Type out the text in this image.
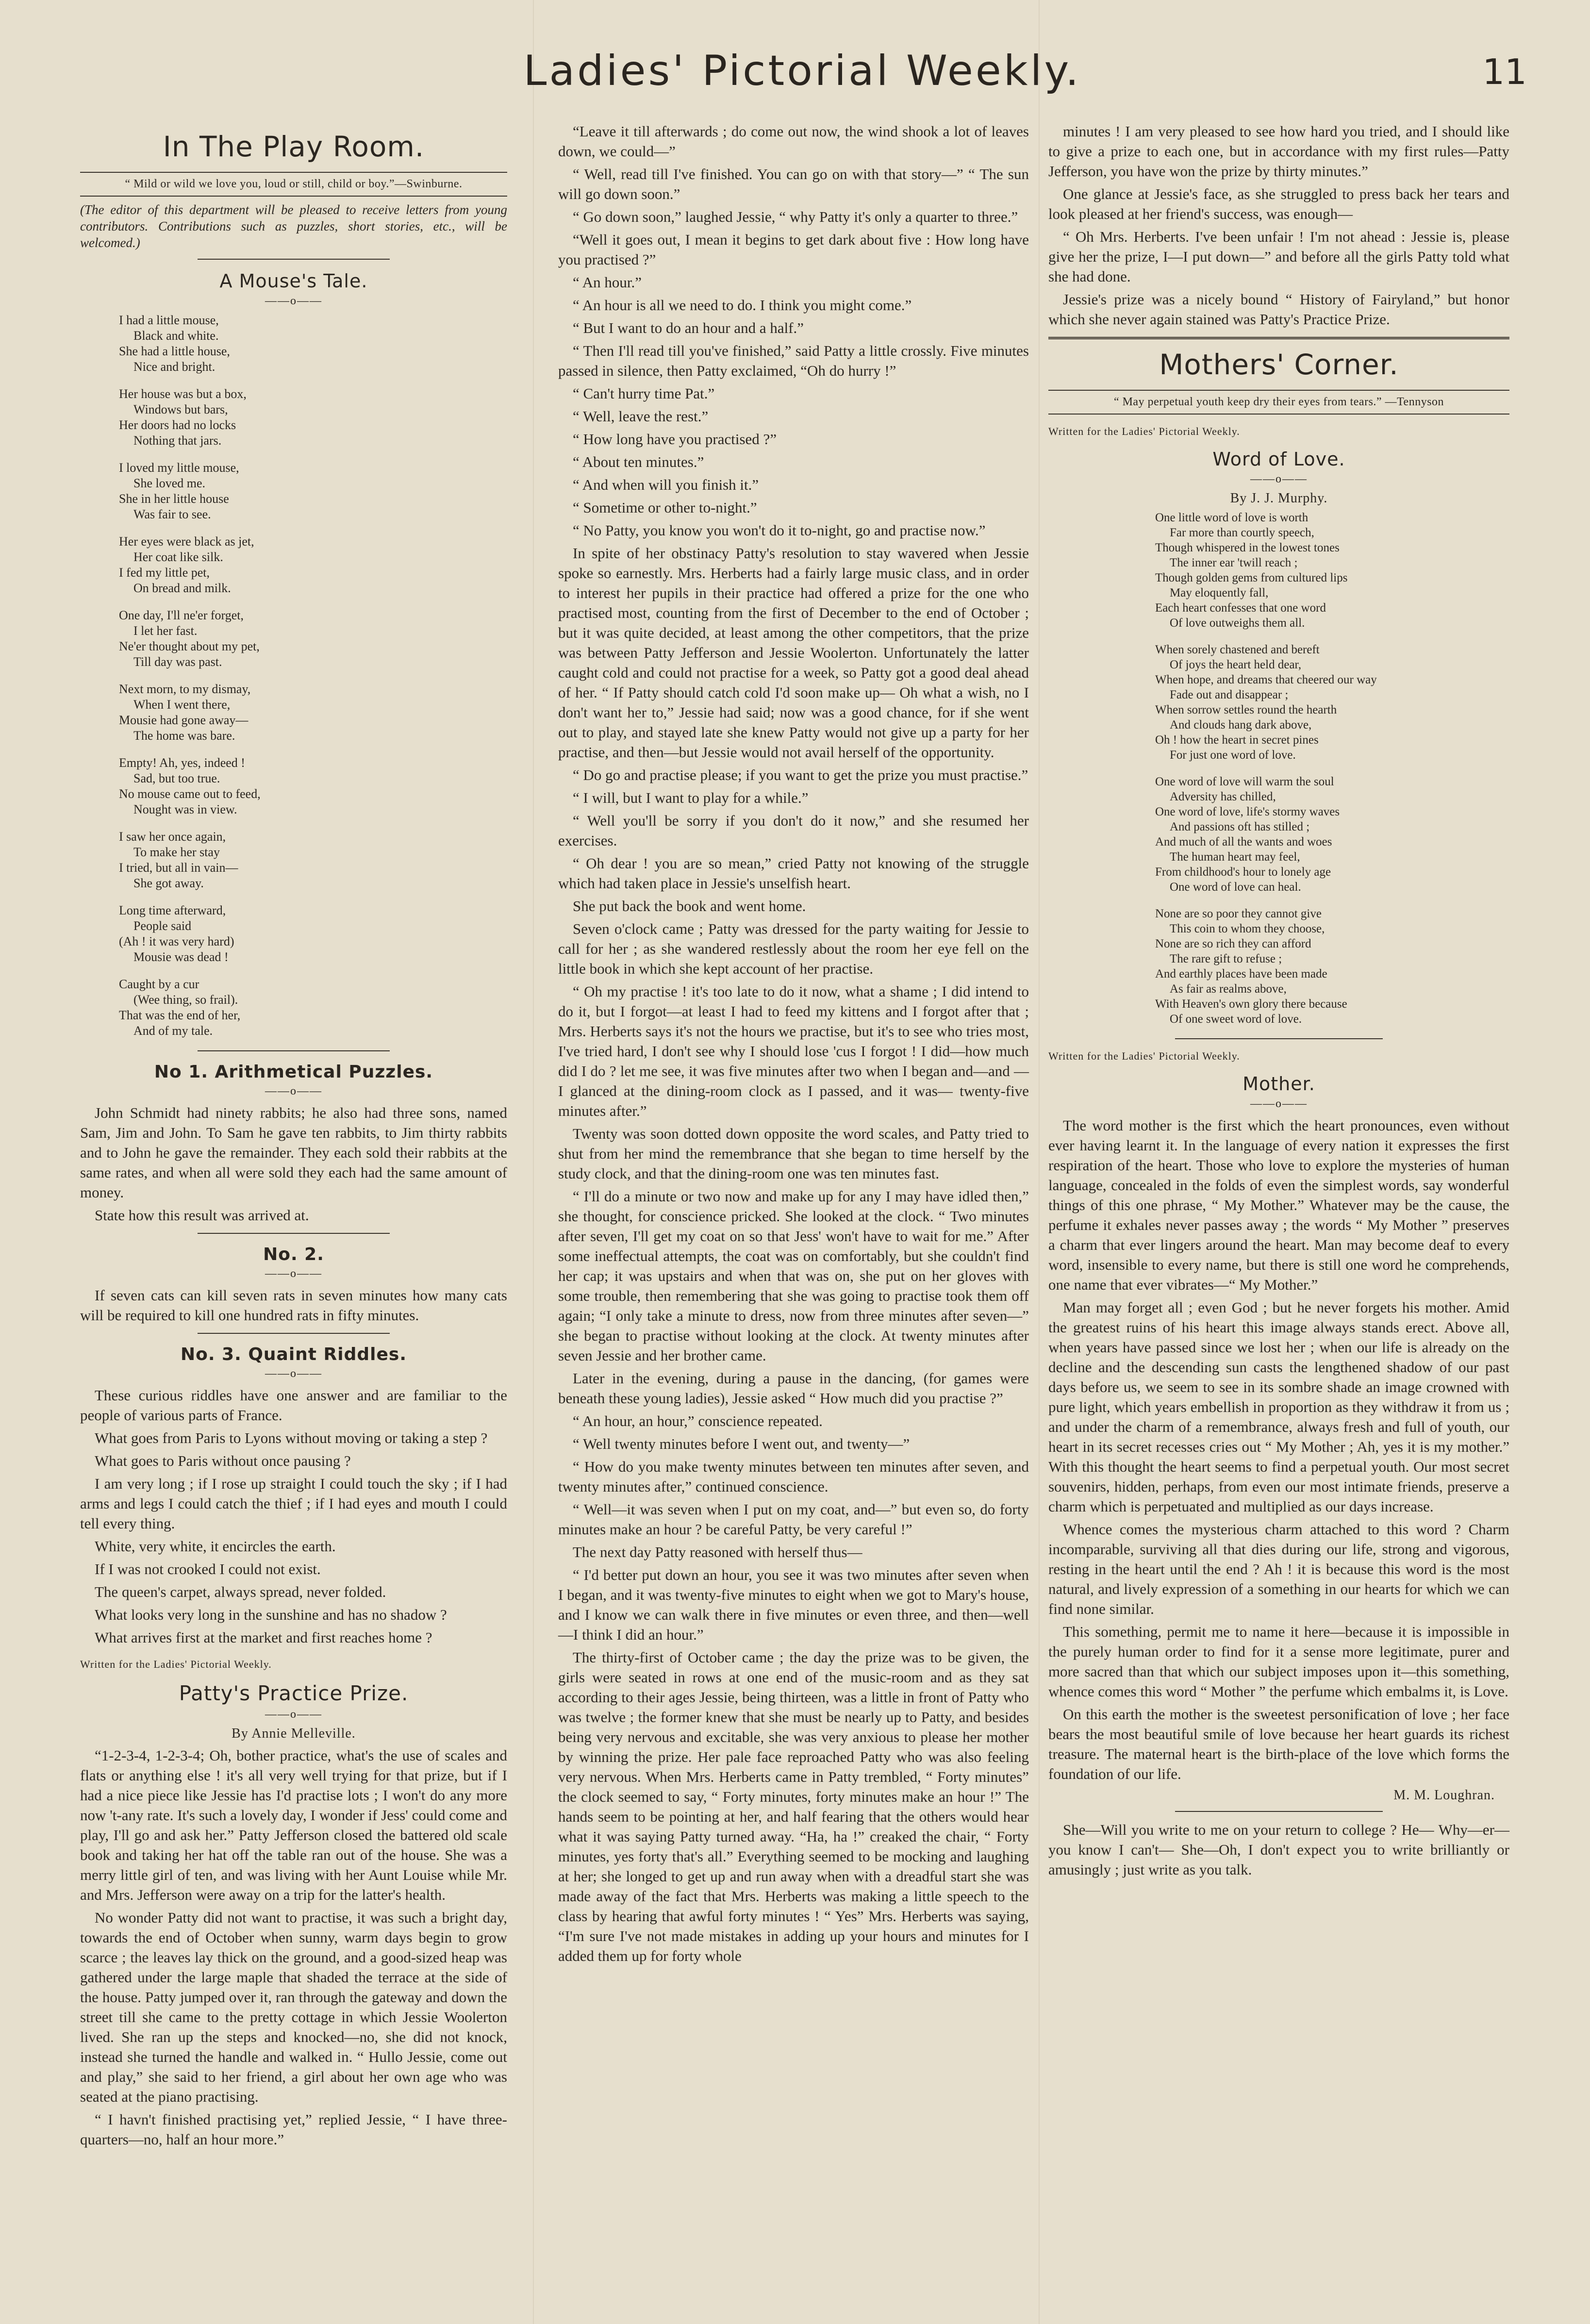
Ladies' Pictorial Weekly.	11
In The Play Room.
“ Mild or wild we love you, loud or still, child or boy.”—Swinburne.

(The editor of this department will be pleased to receive letters from young contributors. Contributions such as puzzles, short stories, etc., will be welcomed.)

A Mouse's Tale.
——o——
I had a little mouse,
Black and white.
She had a little house,
Nice and bright.
Her house was but a box,
Windows but bars,
Her doors had no locks
Nothing that jars.
I loved my little mouse,
She loved me.
She in her little house
Was fair to see.
Her eyes were black as jet,
Her coat like silk.
I fed my little pet,
On bread and milk.
One day, I'll ne'er forget,
I let her fast.
Ne'er thought about my pet,
Till day was past.
Next morn, to my dismay,
When I went there,
Mousie had gone away—
The home was bare.
Empty! Ah, yes, indeed !
Sad, but too true.
No mouse came out to feed,
Nought was in view.
I saw her once again,
To make her stay
I tried, but all in vain—
She got away.
Long time afterward,
People said
(Ah ! it was very hard)
Mousie was dead !
Caught by a cur
(Wee thing, so frail).
That was the end of her,
And of my tale.
No 1. Arithmetical Puzzles.
——o——

John Schmidt had ninety rabbits; he also had three sons, named Sam, Jim and John. To Sam he gave ten rabbits, to Jim thirty rabbits and to John he gave the remainder. They each sold their rabbits at the same rates, and when all were sold they each had the same amount of money.

State how this result was arrived at.

No. 2.
——o——

If seven cats can kill seven rats in seven minutes how many cats will be required to kill one hundred rats in fifty minutes.

No. 3. Quaint Riddles.
——o——

These curious riddles have one answer and are familiar to the people of various parts of France.

What goes from Paris to Lyons without moving or taking a step ?

What goes to Paris without once pausing ?

I am very long ; if I rose up straight I could touch the sky ; if I had arms and legs I could catch the thief ; if I had eyes and mouth I could tell every thing.

White, very white, it encircles the earth.

If I was not crooked I could not exist.

The queen's carpet, always spread, never folded.

What looks very long in the sunshine and has no shadow ?

What arrives first at the market and first reaches home ?

Written for the Ladies' Pictorial Weekly.
Patty's Practice Prize.
——o——
By Annie Melleville.

“1-2-3-4, 1-2-3-4; Oh, bother practice, what's the use of scales and flats or anything else ! it's all very well trying for that prize, but if I had a nice piece like Jessie has I'd practise lots ; I won't do any more now 't-any rate. It's such a lovely day, I wonder if Jess' could come and play, I'll go and ask her.” Patty Jefferson closed the battered old scale book and taking her hat off the table ran out of the house. She was a merry little girl of ten, and was living with her Aunt Louise while Mr. and Mrs. Jefferson were away on a trip for the latter's health.

No wonder Patty did not want to practise, it was such a bright day, towards the end of October when sunny, warm days begin to grow scarce ; the leaves lay thick on the ground, and a good-sized heap was gathered under the large maple that shaded the terrace at the side of the house. Patty jumped over it, ran through the gateway and down the street till she came to the pretty cottage in which Jessie Woolerton lived. She ran up the steps and knocked—no, she did not knock, instead she turned the handle and walked in. “ Hullo Jessie, come out and play,” she said to her friend, a girl about her own age who was seated at the piano practising.

“ I havn't finished practising yet,” replied Jessie, “ I have three-quarters—no, half an hour more.”

“Leave it till afterwards ; do come out now, the wind shook a lot of leaves down, we could—”

“ Well, read till I've finished. You can go on with that story—” “ The sun will go down soon.”

“ Go down soon,” laughed Jessie, “ why Patty it's only a quarter to three.”

“Well it goes out, I mean it begins to get dark about five : How long have you practised ?”

“ An hour.”

“ An hour is all we need to do. I think you might come.”

“ But I want to do an hour and a half.”

“ Then I'll read till you've finished,” said Patty a little crossly. Five minutes passed in silence, then Patty exclaimed, “Oh do hurry !”

“ Can't hurry time Pat.”

“ Well, leave the rest.”

“ How long have you practised ?”

“ About ten minutes.”

“ And when will you finish it.”

“ Sometime or other to-night.”

“ No Patty, you know you won't do it to-night, go and practise now.”

In spite of her obstinacy Patty's resolution to stay wavered when Jessie spoke so earnestly. Mrs. Herberts had a fairly large music class, and in order to interest her pupils in their practice had offered a prize for the one who practised most, counting from the first of December to the end of October ; but it was quite decided, at least among the other competitors, that the prize was between Patty Jefferson and Jessie Woolerton. Unfortunately the latter caught cold and could not practise for a week, so Patty got a good deal ahead of her. “ If Patty should catch cold I'd soon make up— Oh what a wish, no I don't want her to,” Jessie had said; now was a good chance, for if she went out to play, and stayed late she knew Patty would not give up a party for her practise, and then—but Jessie would not avail herself of the opportunity.

“ Do go and practise please; if you want to get the prize you must practise.”

“ I will, but I want to play for a while.”

“ Well you'll be sorry if you don't do it now,” and she resumed her exercises.

“ Oh dear ! you are so mean,” cried Patty not knowing of the struggle which had taken place in Jessie's unselfish heart.

She put back the book and went home.

Seven o'clock came ; Patty was dressed for the party waiting for Jessie to call for her ; as she wandered restlessly about the room her eye fell on the little book in which she kept account of her practise.

“ Oh my practise ! it's too late to do it now, what a shame ; I did intend to do it, but I forgot—at least I had to feed my kittens and I forgot after that ; Mrs. Herberts says it's not the hours we practise, but it's to see who tries most, I've tried hard, I don't see why I should lose 'cus I forgot ! I did—how much did I do ? let me see, it was five minutes after two when I began and—and —I glanced at the dining-room clock as I passed, and it was— twenty-five minutes after.”

Twenty was soon dotted down opposite the word scales, and Patty tried to shut from her mind the remembrance that she began to time herself by the study clock, and that the dining-room one was ten minutes fast.

“ I'll do a minute or two now and make up for any I may have idled then,” she thought, for conscience pricked. She looked at the clock. “ Two minutes after seven, I'll get my coat on so that Jess' won't have to wait for me.” After some ineffectual attempts, the coat was on comfortably, but she couldn't find her cap; it was upstairs and when that was on, she put on her gloves with some trouble, then remembering that she was going to practise took them off again; “I only take a minute to dress, now from three minutes after seven—” she began to practise without looking at the clock. At twenty minutes after seven Jessie and her brother came.

Later in the evening, during a pause in the dancing, (for games were beneath these young ladies), Jessie asked “ How much did you practise ?”

“ An hour, an hour,” conscience repeated.

“ Well twenty minutes before I went out, and twenty—”

“ How do you make twenty minutes between ten minutes after seven, and twenty minutes after,” continued conscience.

“ Well—it was seven when I put on my coat, and—” but even so, do forty minutes make an hour ? be careful Patty, be very careful !”

The next day Patty reasoned with herself thus—

“ I'd better put down an hour, you see it was two minutes after seven when I began, and it was twenty-five minutes to eight when we got to Mary's house, and I know we can walk there in five minutes or even three, and then—well—I think I did an hour.”

The thirty-first of October came ; the day the prize was to be given, the girls were seated in rows at one end of the music-room and as they sat according to their ages Jessie, being thirteen, was a little in front of Patty who was twelve ; the former knew that she must be nearly up to Patty, and besides being very nervous and excitable, she was very anxious to please her mother by winning the prize. Her pale face reproached Patty who was also feeling very nervous. When Mrs. Herberts came in Patty trembled, “ Forty minutes” the clock seemed to say, “ Forty minutes, forty minutes make an hour !” The hands seem to be pointing at her, and half fearing that the others would hear what it was saying Patty turned away. “Ha, ha !” creaked the chair, “ Forty minutes, yes forty that's all.” Everything seemed to be mocking and laughing at her; she longed to get up and run away when with a dreadful start she was made away of the fact that Mrs. Herberts was making a little speech to the class by hearing that awful forty minutes ! “ Yes” Mrs. Herberts was saying, “I'm sure I've not made mistakes in adding up your hours and minutes for I added them up for forty whole

minutes ! I am very pleased to see how hard you tried, and I should like to give a prize to each one, but in accordance with my first rules—Patty Jefferson, you have won the prize by thirty minutes.”

One glance at Jessie's face, as she struggled to press back her tears and look pleased at her friend's success, was enough—

“ Oh Mrs. Herberts. I've been unfair ! I'm not ahead : Jessie is, please give her the prize, I—I put down—” and before all the girls Patty told what she had done.

Jessie's prize was a nicely bound “ History of Fairyland,” but honor which she never again stained was Patty's Practice Prize.

Mothers' Corner.
“ May perpetual youth keep dry their eyes from tears.” —Tennyson
Written for the Ladies' Pictorial Weekly.
Word of Love.
——o——
By J. J. Murphy.
One little word of love is worth
Far more than courtly speech,
Though whispered in the lowest tones
The inner ear 'twill reach ;
Though golden gems from cultured lips
May eloquently fall,
Each heart confesses that one word
Of love outweighs them all.
When sorely chastened and bereft
Of joys the heart held dear,
When hope, and dreams that cheered our way
Fade out and disappear ;
When sorrow settles round the hearth
And clouds hang dark above,
Oh ! how the heart in secret pines
For just one word of love.
One word of love will warm the soul
Adversity has chilled,
One word of love, life's stormy waves
And passions oft has stilled ;
And much of all the wants and woes
The human heart may feel,
From childhood's hour to lonely age
One word of love can heal.
None are so poor they cannot give
This coin to whom they choose,
None are so rich they can afford
The rare gift to refuse ;
And earthly places have been made
As fair as realms above,
With Heaven's own glory there because
Of one sweet word of love.
Written for the Ladies' Pictorial Weekly.
Mother.
——o——

The word mother is the first which the heart pronounces, even without ever having learnt it. In the language of every nation it expresses the first respiration of the heart. Those who love to explore the mysteries of human language, concealed in the folds of even the simplest words, say wonderful things of this one phrase, “ My Mother.” Whatever may be the cause, the perfume it exhales never passes away ; the words “ My Mother ” preserves a charm that ever lingers around the heart. Man may become deaf to every word, insensible to every name, but there is still one word he comprehends, one name that ever vibrates—“ My Mother.”

Man may forget all ; even God ; but he never forgets his mother. Amid the greatest ruins of his heart this image always stands erect. Above all, when years have passed since we lost her ; when our life is already on the decline and the descending sun casts the lengthened shadow of our past days before us, we seem to see in its sombre shade an image crowned with pure light, which years embellish in proportion as they withdraw it from us ; and under the charm of a remembrance, always fresh and full of youth, our heart in its secret recesses cries out “ My Mother ; Ah, yes it is my mother.” With this thought the heart seems to find a perpetual youth. Our most secret souvenirs, hidden, perhaps, from even our most intimate friends, preserve a charm which is perpetuated and multiplied as our days increase.

Whence comes the mysterious charm attached to this word ? Charm incomparable, surviving all that dies during our life, strong and vigorous, resting in the heart until the end ? Ah ! it is because this word is the most natural, and lively expression of a something in our hearts for which we can find none similar.

This something, permit me to name it here—because it is impossible in the purely human order to find for it a sense more legitimate, purer and more sacred than that which our subject imposes upon it—this something, whence comes this word “ Mother ” the perfume which embalms it, is Love.

On this earth the mother is the sweetest personification of love ; her face bears the most beautiful smile of love because her heart guards its richest treasure. The maternal heart is the birth-place of the love which forms the foundation of our life.

M. M. Loughran.

She—Will you write to me on your return to college ? He— Why—er—you know I can't— She—Oh, I don't expect you to write brilliantly or amusingly ; just write as you talk.
